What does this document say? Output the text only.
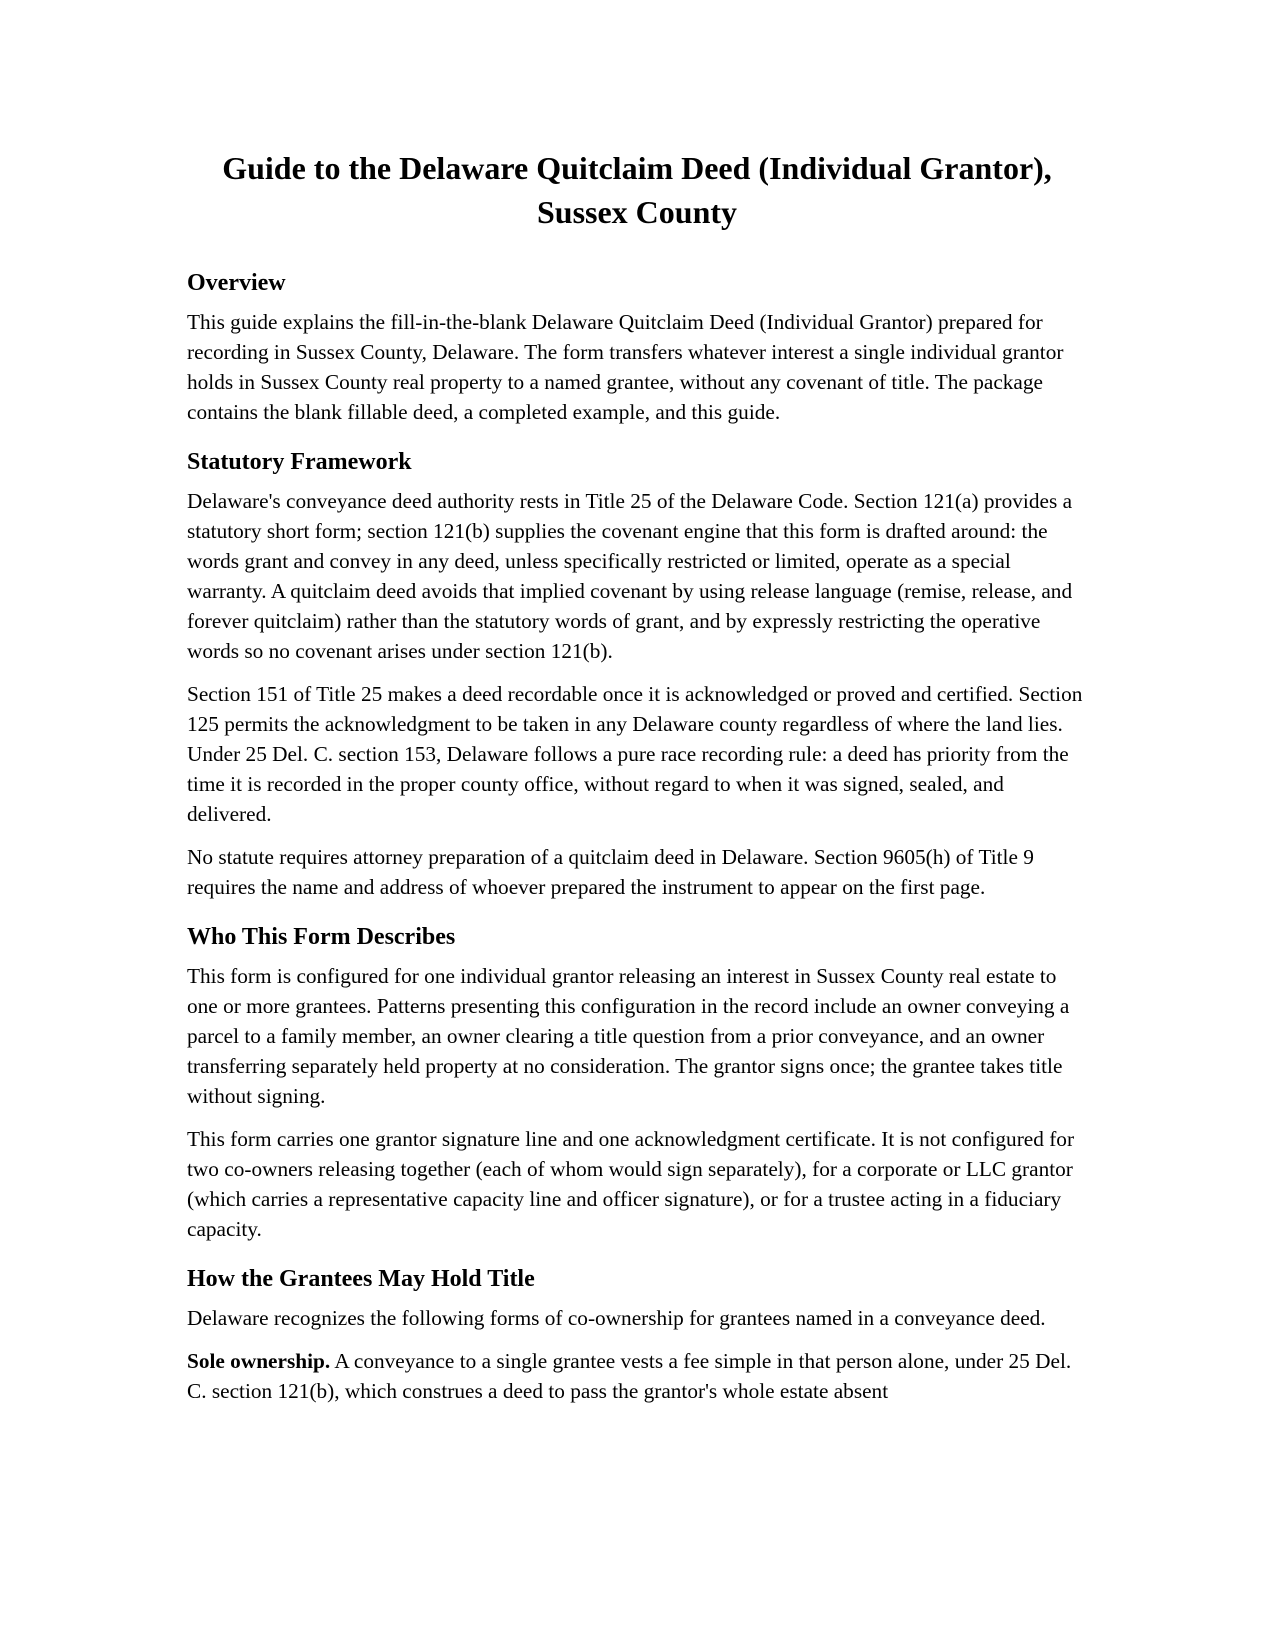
Guide to the Delaware Quitclaim Deed (Individual Grantor),
Sussex County
Overview

This guide explains the fill-in-the-blank Delaware Quitclaim Deed (Individual Grantor) prepared for recording in Sussex County, Delaware. The form transfers whatever interest a single individual grantor holds in Sussex County real property to a named grantee, without any covenant of title. The package contains the blank fillable deed, a completed example, and this guide.

Statutory Framework

Delaware's conveyance deed authority rests in Title 25 of the Delaware Code. Section 121(a) provides a statutory short form; section 121(b) supplies the covenant engine that this form is drafted around: the words grant and convey in any deed, unless specifically restricted or limited, operate as a special warranty. A quitclaim deed avoids that implied covenant by using release language (remise, release, and forever quitclaim) rather than the statutory words of grant, and by expressly restricting the operative words so no covenant arises under section 121(b).

Section 151 of Title 25 makes a deed recordable once it is acknowledged or proved and certified. Section 125 permits the acknowledgment to be taken in any Delaware county regardless of where the land lies. Under 25 Del. C. section 153, Delaware follows a pure race recording rule: a deed has priority from the time it is recorded in the proper county office, without regard to when it was signed, sealed, and delivered.

No statute requires attorney preparation of a quitclaim deed in Delaware. Section 9605(h) of Title 9 requires the name and address of whoever prepared the instrument to appear on the first page.

Who This Form Describes

This form is configured for one individual grantor releasing an interest in Sussex County real estate to one or more grantees. Patterns presenting this configuration in the record include an owner conveying a parcel to a family member, an owner clearing a title question from a prior conveyance, and an owner transferring separately held property at no consideration. The grantor signs once; the grantee takes title without signing.

This form carries one grantor signature line and one acknowledgment certificate. It is not configured for two co-owners releasing together (each of whom would sign separately), for a corporate or LLC grantor (which carries a representative capacity line and officer signature), or for a trustee acting in a fiduciary capacity.

How the Grantees May Hold Title

Delaware recognizes the following forms of co-ownership for grantees named in a conveyance deed.

Sole ownership. A conveyance to a single grantee vests a fee simple in that person alone, under 25 Del. C. section 121(b), which construes a deed to pass the grantor's whole estate absent
